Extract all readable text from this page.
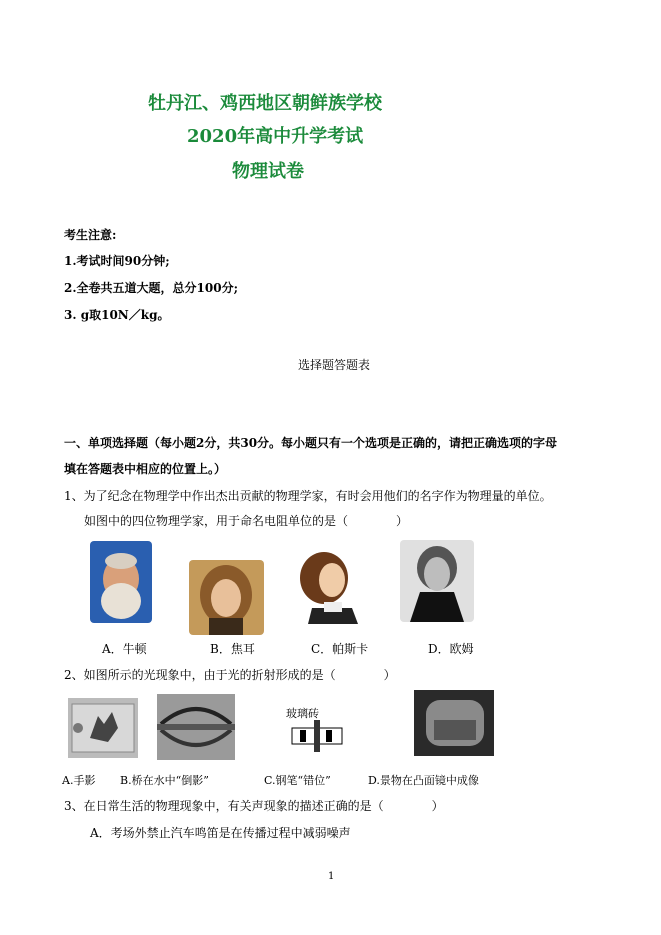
牡丹江、鸡西地区朝鲜族学校
2020年高中升学考试
物理试卷
考生注意:
1.考试时间90分钟;
2.全卷共五道大题，总分100分;
3. g取10N／kg。
选择题答题表
一、单项选择题（每小题2分，共30分。每小题只有一个选项是正确的，请把正确选项的字母
填在答题表中相应的位置上。）
1、为了纪念在物理学中作出杰出贡献的物理学家，有时会用他们的名字作为物理量的单位。
如图中的四位物理学家，用于命名电阻单位的是（　　　　）
A．牛顿	B．焦耳	C．帕斯卡	D．欧姆
2、如图所示的光现象中，由于光的折射形成的是（　　　　）
玻璃砖
A.手影 B.桥在水中“倒影”	C.钢笔“错位”	D.景物在凸面镜中成像
3、在日常生活的物理现象中，有关声现象的描述正确的是（　　　　）
A．考场外禁止汽车鸣笛是在传播过程中减弱噪声
1
